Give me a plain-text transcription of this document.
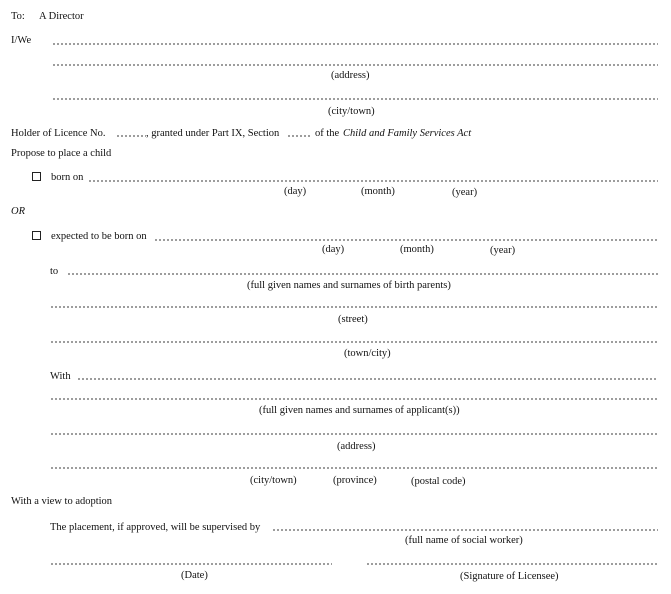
To: A Director
I/We
(address)
(city/town)
Holder of Licence No.	, granted under Part IX, Section	of the Child and Family Services Act
Propose to place a child
born on
(day)	(month)	(year)
OR
expected to be born on
(day)	(month)	(year)
to
(full given names and surnames of birth parents)
(street)
(town/city)
With
(full given names and surnames of applicant(s))
(address)
(city/town)	(province)	(postal code)
With a view to adoption
The placement, if approved, will be supervised by
(full name of social worker)
(Date)	(Signature of Licensee)
